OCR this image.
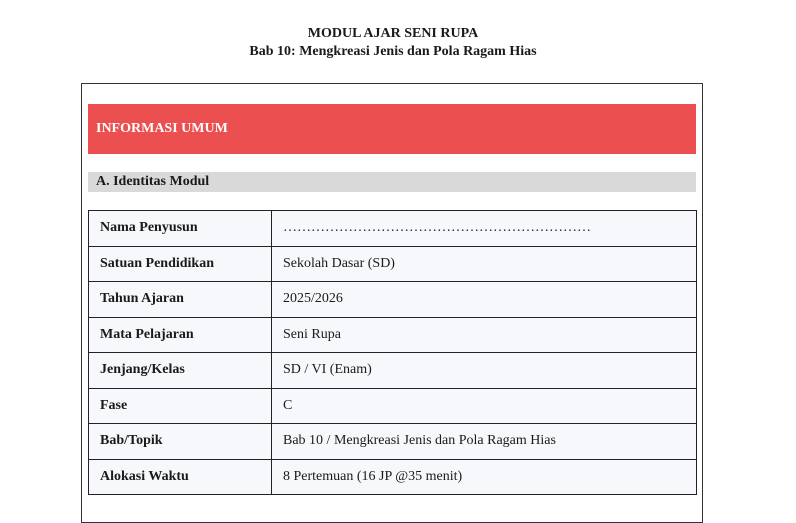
MODUL AJAR SENI RUPA

Bab 10: Mengkreasi Jenis dan Pola Ragam Hias

INFORMASI UMUM
A. Identitas Modul
Nama Penyusun	…………………………………………………………
Satuan Pendidikan	Sekolah Dasar (SD)
Tahun Ajaran	2025/2026
Mata Pelajaran	Seni Rupa
Jenjang/Kelas	SD / VI (Enam)
Fase	C
Bab/Topik	Bab 10 / Mengkreasi Jenis dan Pola Ragam Hias
Alokasi Waktu	8 Pertemuan (16 JP @35 menit)
